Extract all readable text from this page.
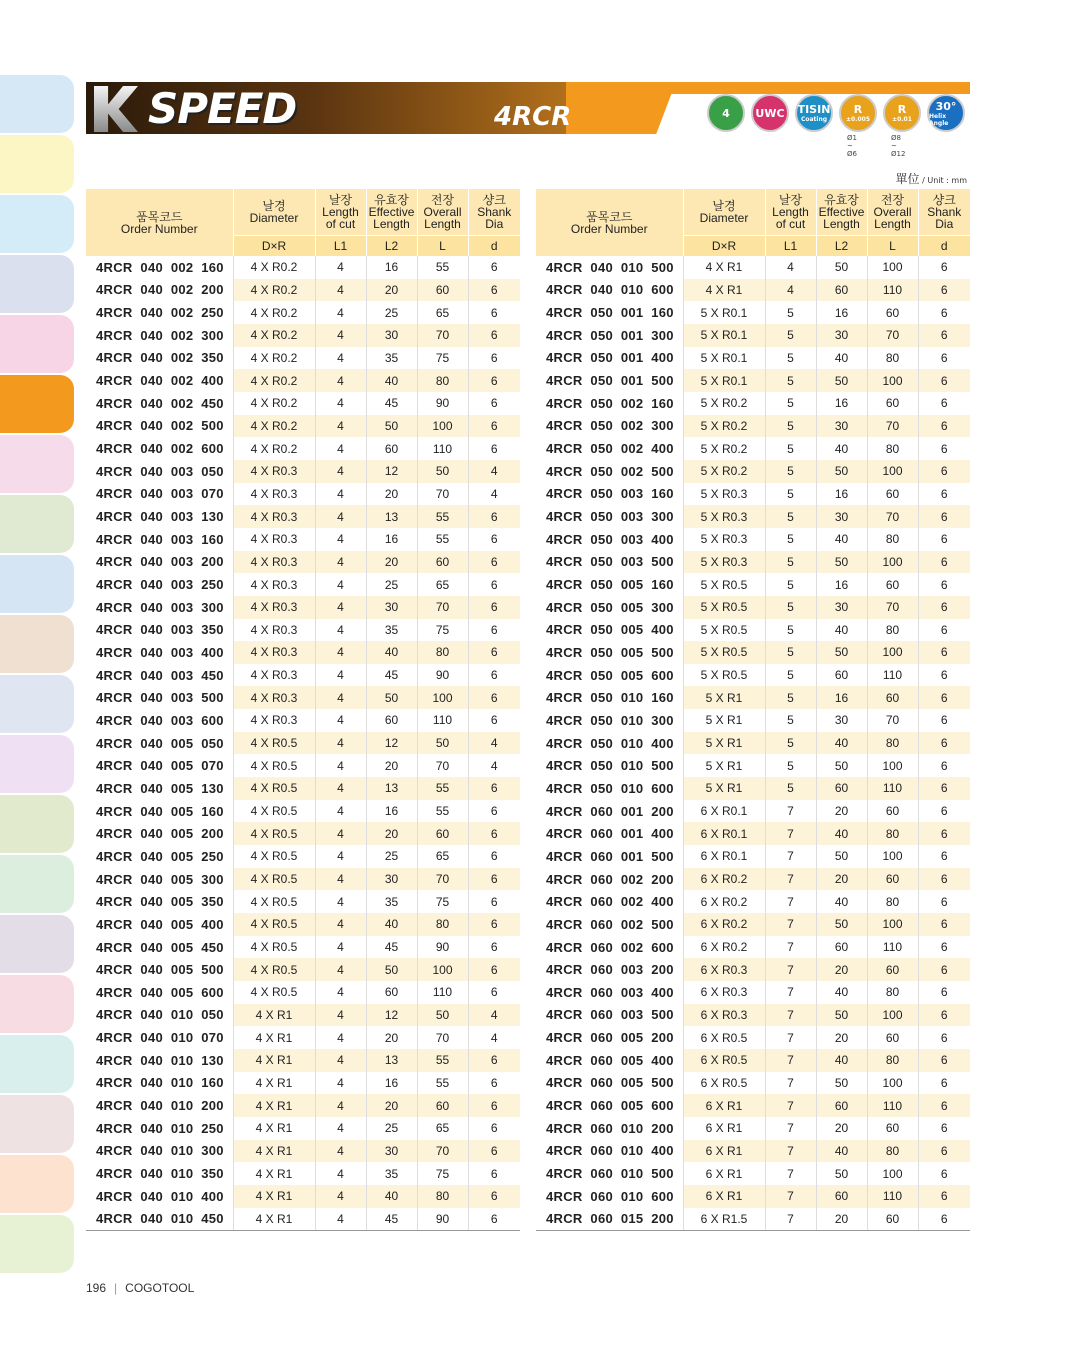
SPEED	4RCR	4 UWC TISIN
Coating
R
±0.005
R
±0.01
30°
Helix Angle
Ø1 ~ Ø6
Ø8 ~ Ø12
單位 / Unit : mm
품목코드
Order Number	날경
Diameter	날장
Length
of cut	유효장
Effective
Length	전장
Overall
Length	샹크
Shank
Dia

	D×R	L1	L2	L	d
4RCR  040  002  160	4 X R0.2	4	16	55	6
4RCR  040  002  200	4 X R0.2	4	20	60	6
4RCR  040  002  250	4 X R0.2	4	25	65	6
4RCR  040  002  300	4 X R0.2	4	30	70	6
4RCR  040  002  350	4 X R0.2	4	35	75	6
4RCR  040  002  400	4 X R0.2	4	40	80	6
4RCR  040  002  450	4 X R0.2	4	45	90	6
4RCR  040  002  500	4 X R0.2	4	50	100	6
4RCR  040  002  600	4 X R0.2	4	60	110	6
4RCR  040  003  050	4 X R0.3	4	12	50	4
4RCR  040  003  070	4 X R0.3	4	20	70	4
4RCR  040  003  130	4 X R0.3	4	13	55	6
4RCR  040  003  160	4 X R0.3	4	16	55	6
4RCR  040  003  200	4 X R0.3	4	20	60	6
4RCR  040  003  250	4 X R0.3	4	25	65	6
4RCR  040  003  300	4 X R0.3	4	30	70	6
4RCR  040  003  350	4 X R0.3	4	35	75	6
4RCR  040  003  400	4 X R0.3	4	40	80	6
4RCR  040  003  450	4 X R0.3	4	45	90	6
4RCR  040  003  500	4 X R0.3	4	50	100	6
4RCR  040  003  600	4 X R0.3	4	60	110	6
4RCR  040  005  050	4 X R0.5	4	12	50	4
4RCR  040  005  070	4 X R0.5	4	20	70	4
4RCR  040  005  130	4 X R0.5	4	13	55	6
4RCR  040  005  160	4 X R0.5	4	16	55	6
4RCR  040  005  200	4 X R0.5	4	20	60	6
4RCR  040  005  250	4 X R0.5	4	25	65	6
4RCR  040  005  300	4 X R0.5	4	30	70	6
4RCR  040  005  350	4 X R0.5	4	35	75	6
4RCR  040  005  400	4 X R0.5	4	40	80	6
4RCR  040  005  450	4 X R0.5	4	45	90	6
4RCR  040  005  500	4 X R0.5	4	50	100	6
4RCR  040  005  600	4 X R0.5	4	60	110	6
4RCR  040  010  050	4 X R1	4	12	50	4
4RCR  040  010  070	4 X R1	4	20	70	4
4RCR  040  010  130	4 X R1	4	13	55	6
4RCR  040  010  160	4 X R1	4	16	55	6
4RCR  040  010  200	4 X R1	4	20	60	6
4RCR  040  010  250	4 X R1	4	25	65	6
4RCR  040  010  300	4 X R1	4	30	70	6
4RCR  040  010  350	4 X R1	4	35	75	6
4RCR  040  010  400	4 X R1	4	40	80	6
4RCR  040  010  450	4 X R1	4	45	90	6
품목코드
Order Number	날경
Diameter	날장
Length
of cut	유효장
Effective
Length	전장
Overall
Length	샹크
Shank
Dia

	D×R	L1	L2	L	d
4RCR  040  010  500	4 X R1	4	50	100	6
4RCR  040  010  600	4 X R1	4	60	110	6
4RCR  050  001  160	5 X R0.1	5	16	60	6
4RCR  050  001  300	5 X R0.1	5	30	70	6
4RCR  050  001  400	5 X R0.1	5	40	80	6
4RCR  050  001  500	5 X R0.1	5	50	100	6
4RCR  050  002  160	5 X R0.2	5	16	60	6
4RCR  050  002  300	5 X R0.2	5	30	70	6
4RCR  050  002  400	5 X R0.2	5	40	80	6
4RCR  050  002  500	5 X R0.2	5	50	100	6
4RCR  050  003  160	5 X R0.3	5	16	60	6
4RCR  050  003  300	5 X R0.3	5	30	70	6
4RCR  050  003  400	5 X R0.3	5	40	80	6
4RCR  050  003  500	5 X R0.3	5	50	100	6
4RCR  050  005  160	5 X R0.5	5	16	60	6
4RCR  050  005  300	5 X R0.5	5	30	70	6
4RCR  050  005  400	5 X R0.5	5	40	80	6
4RCR  050  005  500	5 X R0.5	5	50	100	6
4RCR  050  005  600	5 X R0.5	5	60	110	6
4RCR  050  010  160	5 X R1	5	16	60	6
4RCR  050  010  300	5 X R1	5	30	70	6
4RCR  050  010  400	5 X R1	5	40	80	6
4RCR  050  010  500	5 X R1	5	50	100	6
4RCR  050  010  600	5 X R1	5	60	110	6
4RCR  060  001  200	6 X R0.1	7	20	60	6
4RCR  060  001  400	6 X R0.1	7	40	80	6
4RCR  060  001  500	6 X R0.1	7	50	100	6
4RCR  060  002  200	6 X R0.2	7	20	60	6
4RCR  060  002  400	6 X R0.2	7	40	80	6
4RCR  060  002  500	6 X R0.2	7	50	100	6
4RCR  060  002  600	6 X R0.2	7	60	110	6
4RCR  060  003  200	6 X R0.3	7	20	60	6
4RCR  060  003  400	6 X R0.3	7	40	80	6
4RCR  060  003  500	6 X R0.3	7	50	100	6
4RCR  060  005  200	6 X R0.5	7	20	60	6
4RCR  060  005  400	6 X R0.5	7	40	80	6
4RCR  060  005  500	6 X R0.5	7	50	100	6
4RCR  060  005  600	6 X R1	7	60	110	6
4RCR  060  010  200	6 X R1	7	20	60	6
4RCR  060  010  400	6 X R1	7	40	80	6
4RCR  060  010  500	6 X R1	7	50	100	6
4RCR  060  010  600	6 X R1	7	60	110	6
4RCR  060  015  200	6 X R1.5	7	20	60	6
196 | COGOTOOL
